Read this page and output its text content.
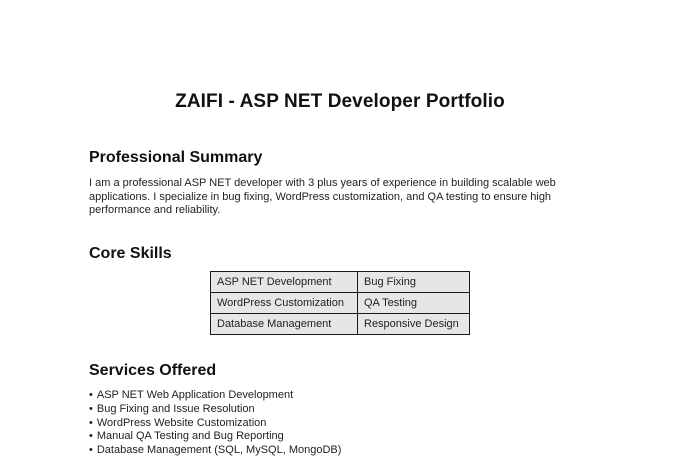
ZAIFI - ASP NET Developer Portfolio
Professional Summary

I am a professional ASP NET developer with 3 plus years of experience in building scalable web applications. I specialize in bug fixing, WordPress customization, and QA testing to ensure high performance and reliability.

Core Skills
ASP NET Development	Bug Fixing
WordPress Customization	QA Testing
Database Management	Responsive Design
Services Offered
• ASP NET Web Application Development
• Bug Fixing and Issue Resolution
• WordPress Website Customization
• Manual QA Testing and Bug Reporting
• Database Management (SQL, MySQL, MongoDB)
